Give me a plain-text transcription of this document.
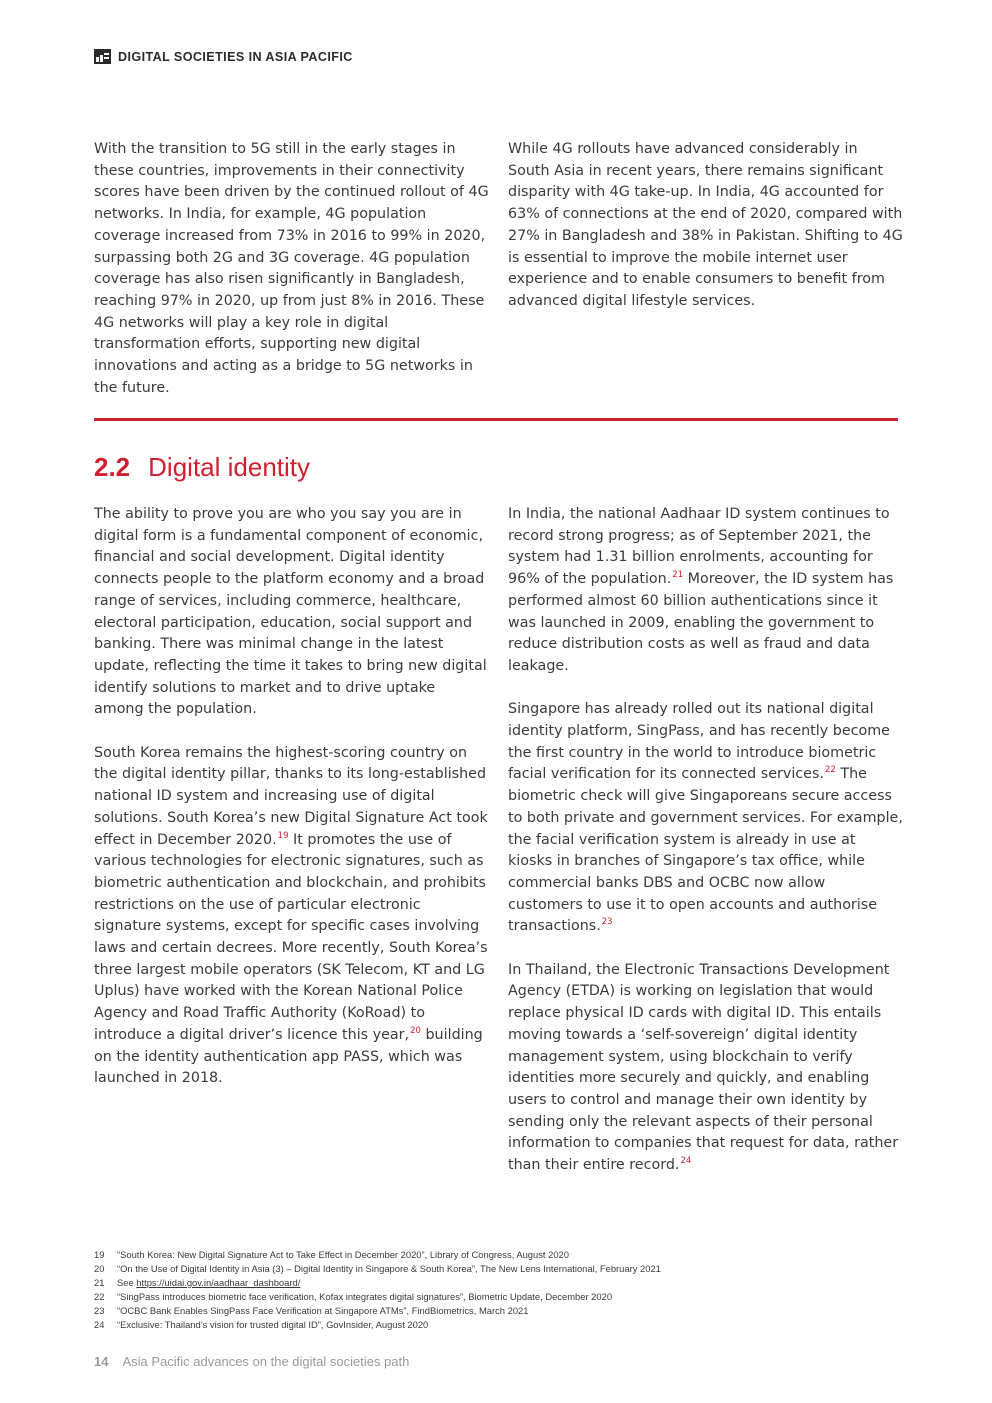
DIGITAL SOCIETIES IN ASIA PACIFIC

With the transition to 5G still in the early stages in these countries, improvements in their connectivity scores have been driven by the continued rollout of 4G networks. In India, for example, 4G population coverage increased from 73% in 2016 to 99% in 2020, surpassing both 2G and 3G coverage. 4G population coverage has also risen significantly in Bangladesh, reaching 97% in 2020, up from just 8% in 2016. These 4G networks will play a key role in digital transformation efforts, supporting new digital innovations and acting as a bridge to 5G networks in the future.

While 4G rollouts have advanced considerably in South Asia in recent years, there remains significant disparity with 4G take-up. In India, 4G accounted for 63% of connections at the end of 2020, compared with 27% in Bangladesh and 38% in Pakistan. Shifting to 4G is essential to improve the mobile internet user experience and to enable consumers to benefit from advanced digital lifestyle services.

2.2 Digital identity

The ability to prove you are who you say you are in digital form is a fundamental component of economic, financial and social development. Digital identity connects people to the platform economy and a broad range of services, including commerce, healthcare, electoral participation, education, social support and banking. There was minimal change in the latest update, reflecting the time it takes to bring new digital identify solutions to market and to drive uptake among the population.

South Korea remains the highest-scoring country on the digital identity pillar, thanks to its long-established national ID system and increasing use of digital solutions. South Korea’s new Digital Signature Act took effect in December 2020.19 It promotes the use of various technologies for electronic signatures, such as biometric authentication and blockchain, and prohibits restrictions on the use of particular electronic signature systems, except for specific cases involving laws and certain decrees. More recently, South Korea’s three largest mobile operators (SK Telecom, KT and LG Uplus) have worked with the Korean National Police Agency and Road Traffic Authority (KoRoad) to introduce a digital driver’s licence this year,$^{20}$ building on the identity authentication app PASS, which was launched in 2018.

In India, the national Aadhaar ID system continues to record strong progress; as of September 2021, the system had 1.31 billion enrolments, accounting for 96% of the population.$^{21}$ Moreover, the ID system has performed almost 60 billion authentications since it was launched in 2009, enabling the government to reduce distribution costs as well as fraud and data leakage.

Singapore has already rolled out its national digital identity platform, SingPass, and has recently become the first country in the world to introduce biometric facial verification for its connected services.$^{22}$ The biometric check will give Singaporeans secure access to both private and government services. For example, the facial verification system is already in use at kiosks in branches of Singapore’s tax office, while commercial banks DBS and OCBC now allow customers to use it to open accounts and authorise transactions.$^{23}$

In Thailand, the Electronic Transactions Development Agency (ETDA) is working on legislation that would replace physical ID cards with digital ID. This entails moving towards a ‘self-sovereign’ digital identity management system, using blockchain to verify identities more securely and quickly, and enabling users to control and manage their own identity by sending only the relevant aspects of their personal information to companies that request for data, rather than their entire record.$^{24}$

19	“South Korea: New Digital Signature Act to Take Effect in December 2020”, Library of Congress, August 2020
20	“On the Use of Digital Identity in Asia (3) – Digital Identity in Singapore & South Korea”, The New Lens International, February 2021
21	See https://uidai.gov.in/aadhaar_dashboard/
22	“SingPass introduces biometric face verification, Kofax integrates digital signatures”, Biometric Update, December 2020
23	“OCBC Bank Enables SingPass Face Verification at Singapore ATMs”, FindBiometrics, March 2021
24	“Exclusive: Thailand’s vision for trusted digital ID”, GovInsider, August 2020
14 Asia Pacific advances on the digital societies path
